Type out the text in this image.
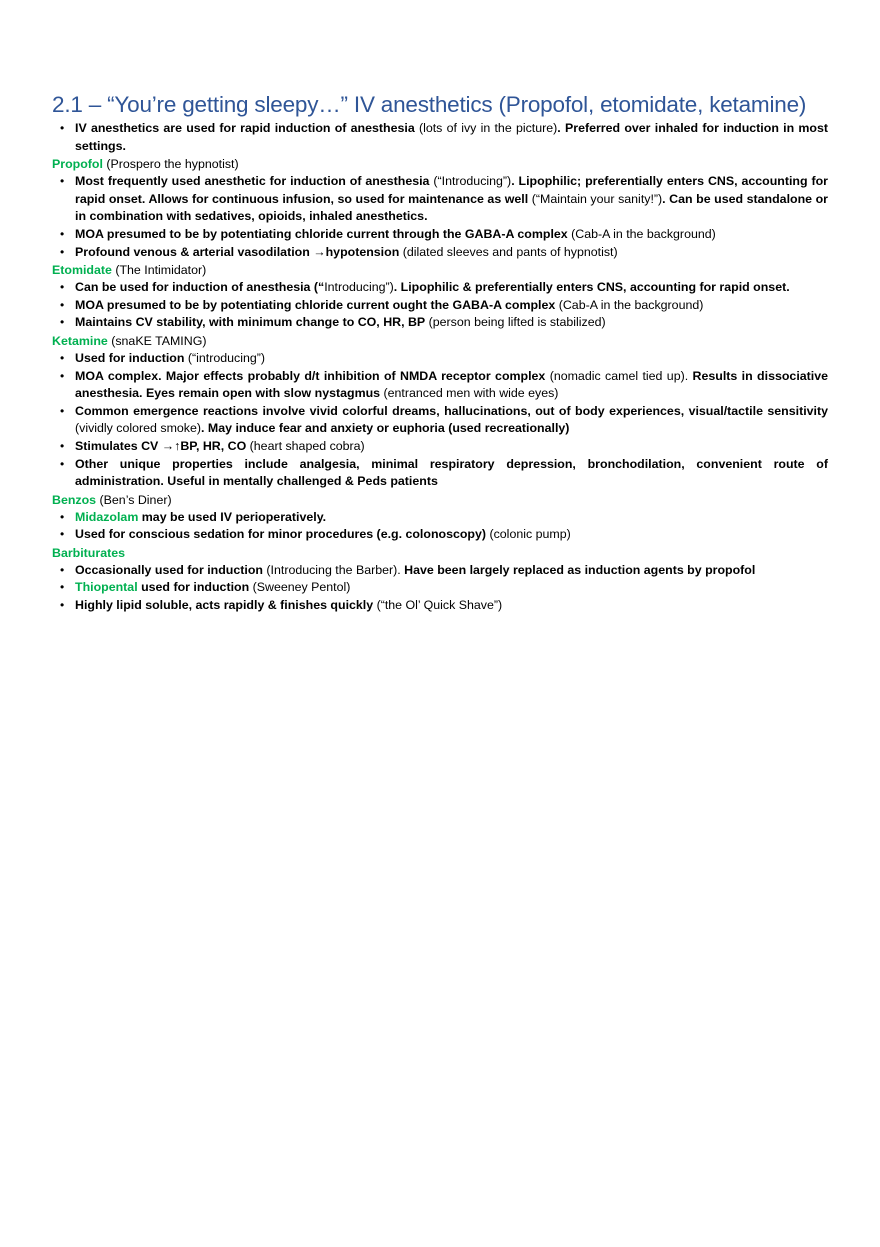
2.1 – “You’re getting sleepy…” IV anesthetics (Propofol, etomidate, ketamine)
• IV anesthetics are used for rapid induction of anesthesia (lots of ivy in the picture). Preferred over inhaled for induction in most settings.

Propofol (Prospero the hypnotist)

• Most frequently used anesthetic for induction of anesthesia (“Introducing”). Lipophilic; preferentially enters CNS, accounting for rapid onset. Allows for continuous infusion, so used for maintenance as well (“Maintain your sanity!”). Can be used standalone or in combination with sedatives, opioids, inhaled anesthetics.
• MOA presumed to be by potentiating chloride current through the GABA-A complex (Cab-A in the background)
• Profound venous & arterial vasodilation →hypotension (dilated sleeves and pants of hypnotist)

Etomidate (The Intimidator)

• Can be used for induction of anesthesia (“Introducing”). Lipophilic & preferentially enters CNS, accounting for rapid onset.
• MOA presumed to be by potentiating chloride current ought the GABA-A complex (Cab-A in the background)
• Maintains CV stability, with minimum change to CO, HR, BP (person being lifted is stabilized)

Ketamine (snaKE TAMING)

• Used for induction (“introducing”)
• MOA complex. Major effects probably d/t inhibition of NMDA receptor complex (nomadic camel tied up). Results in dissociative anesthesia. Eyes remain open with slow nystagmus (entranced men with wide eyes)
• Common emergence reactions involve vivid colorful dreams, hallucinations, out of body experiences, visual/tactile sensitivity (vividly colored smoke). May induce fear and anxiety or euphoria (used recreationally)
• Stimulates CV →↑BP, HR, CO (heart shaped cobra)
• Other unique properties include analgesia, minimal respiratory depression, bronchodilation, convenient route of administration. Useful in mentally challenged & Peds patients

Benzos (Ben’s Diner)

• Midazolam may be used IV perioperatively.
• Used for conscious sedation for minor procedures (e.g. colonoscopy) (colonic pump)

Barbiturates

• Occasionally used for induction (Introducing the Barber). Have been largely replaced as induction agents by propofol
• Thiopental used for induction (Sweeney Pentol)
• Highly lipid soluble, acts rapidly & finishes quickly (“the Ol’ Quick Shave”)
